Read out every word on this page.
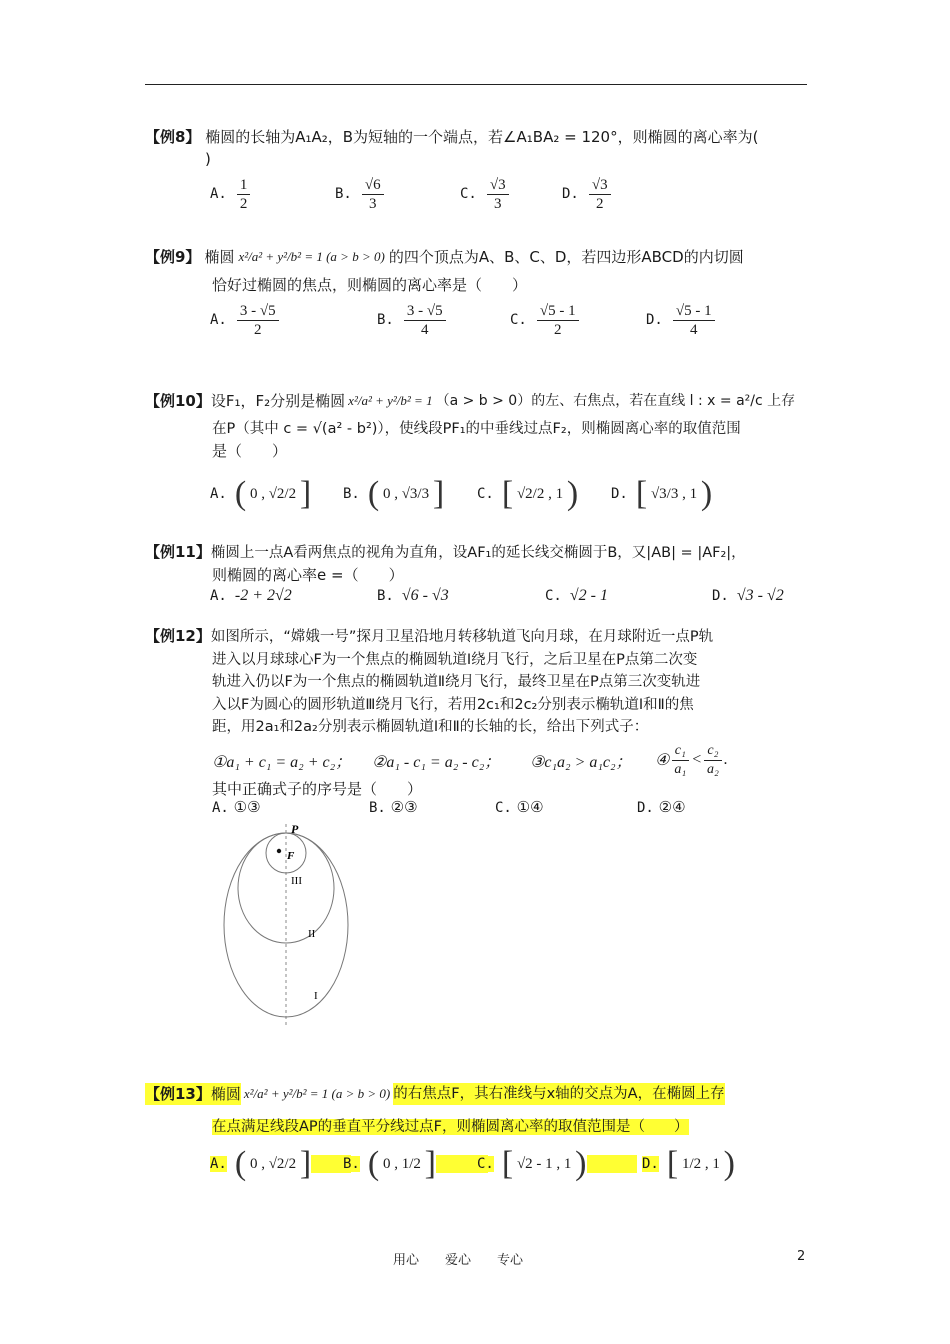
【例8】 椭圆的长轴为A₁A₂，B为短轴的一个端点，若∠A₁BA₂ = 120°，则椭圆的离心率为(
)
A. $\frac{1}{2}$	B. $\frac{√6}{3}$	C. $\frac{√3}{3}$	D. $\frac{√3}{2}$
【例9】 椭圆 x²/a² + y²/b² = 1 (a > b > 0) 的四个顶点为A、B、C、D，若四边形ABCD的内切圆
恰好过椭圆的焦点，则椭圆的离心率是（　　）
A. $\frac{3 - √5}{2}$	B. $\frac{3 - √5}{4}$	C. $\frac{√5 - 1}{2}$	D. $\frac{√5 - 1}{4}$
【例10】 设F₁，F₂分别是椭圆 x²/a² + y²/b² = 1 （a > b > 0）的左、右焦点，若在直线 l : x = a²/c 上存
在P（其中 c = √(a² - b²)），使线段PF₁的中垂线过点F₂，则椭圆离心率的取值范围
是（　　）
A. (
0 , √2/2
] B. (
0 , √3/3
] C. [
√2/2 , 1
) D. [
√3/3 , 1
)
【例11】椭圆上一点A看两焦点的视角为直角，设AF₁的延长线交椭圆于B，又|AB| = |AF₂|，
则椭圆的离心率e =（　　）
A. -2 + 2√2	B. √6 - √3	C. √2 - 1	D. √3 - √2
【例12】如图所示，“嫦娥一号”探月卫星沿地月转移轨道飞向月球，在月球附近一点P轨
进入以月球球心F为一个焦点的椭圆轨道Ⅰ绕月飞行，之后卫星在P点第二次变
轨进入仍以F为一个焦点的椭圆轨道Ⅱ绕月飞行，最终卫星在P点第三次变轨进
入以F为圆心的圆形轨道Ⅲ绕月飞行，若用2c₁和2c₂分别表示椭轨道Ⅰ和Ⅱ的焦
距，用2a₁和2a₂分别表示椭圆轨道Ⅰ和Ⅱ的长轴的长，给出下列式子：
①a₁ + c₁ = a₂ + c₂；	②a₁ - c₁ = a₂ - c₂；	③c₁a₂ > a₁c₂；	④ $\frac{\text{c₁}}{\text{a₁}} < \frac{\text{c₂}}{\text{a₂}}$ .
其中正确式子的序号是（　　）
A. ①③	B. ②③	C. ①④	D. ②④
P
F
III
II
I
【例13】 椭圆 x²/a² + y²/b² = 1 (a > b > 0) 的右焦点F，其右准线与x轴的交点为A，在椭圆上存
在点满足线段AP的垂直平分线过点F，则椭圆离心率的取值范围是（　　）
A. (
0 , √2/2
] B. (
0 , 1/2
]	C. [
√2 - 1 , 1
)	D. [
1/2 , 1
)
用心　　爱心　　专心	2
